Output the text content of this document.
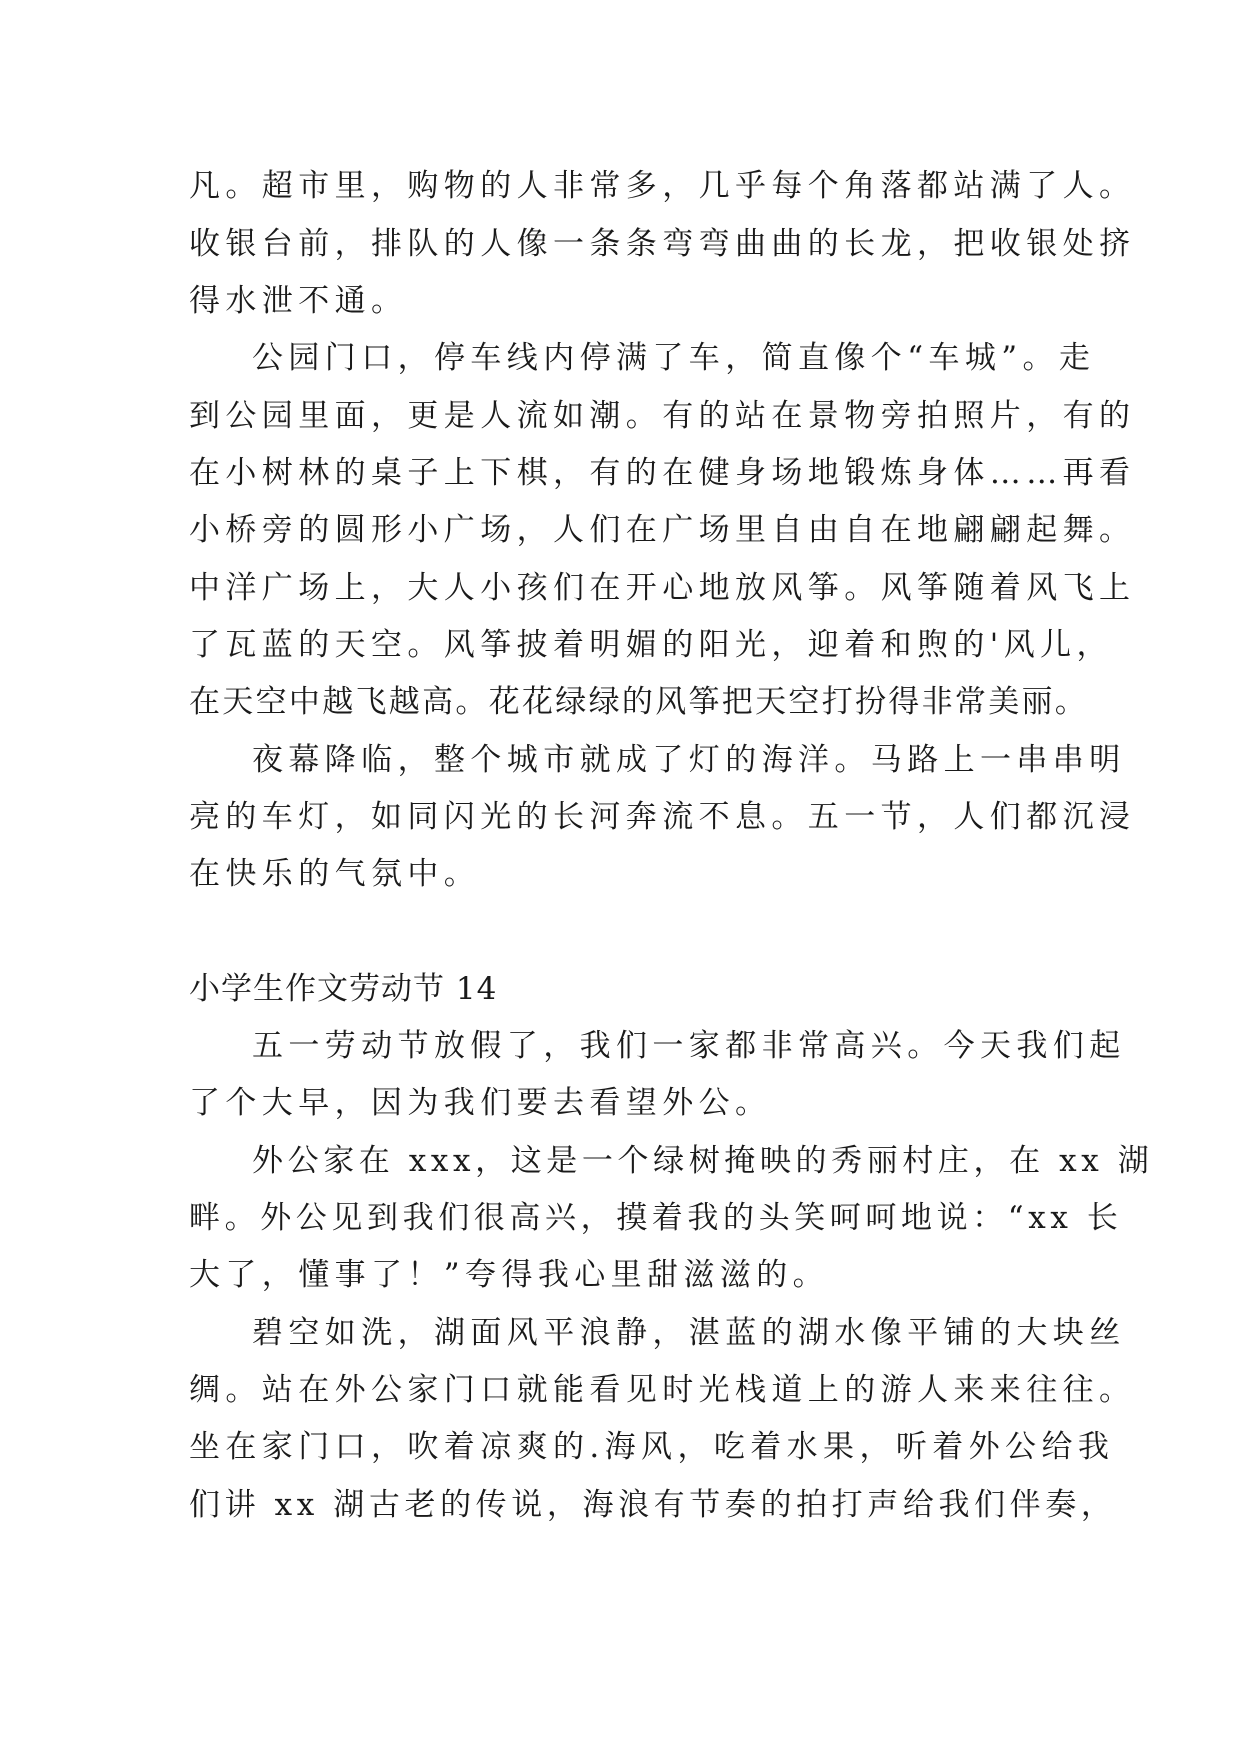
凡。超市里，购物的人非常多，几乎每个角落都站满了人。
收银台前，排队的人像一条条弯弯曲曲的长龙，把收银处挤
得水泄不通。
公园门口，停车线内停满了车，简直像个“车城”。走
到公园里面，更是人流如潮。有的站在景物旁拍照片，有的
在小树林的桌子上下棋，有的在健身场地锻炼身体……再看
小桥旁的圆形小广场，人们在广场里自由自在地翩翩起舞。
中洋广场上，大人小孩们在开心地放风筝。风筝随着风飞上
了瓦蓝的天空。风筝披着明媚的阳光，迎着和煦的'风儿，
在天空中越飞越高。花花绿绿的风筝把天空打扮得非常美丽。
夜幕降临，整个城市就成了灯的海洋。马路上一串串明
亮的车灯，如同闪光的长河奔流不息。五一节，人们都沉浸
在快乐的气氛中。
小学生作文劳动节 14
五一劳动节放假了，我们一家都非常高兴。今天我们起
了个大早，因为我们要去看望外公。
外公家在 xxx，这是一个绿树掩映的秀丽村庄，在 xx 湖
畔。外公见到我们很高兴，摸着我的头笑呵呵地说：“xx 长
大了，懂事了！”夸得我心里甜滋滋的。
碧空如洗，湖面风平浪静，湛蓝的湖水像平铺的大块丝
绸。站在外公家门口就能看见时光栈道上的游人来来往往。
坐在家门口，吹着凉爽的.海风，吃着水果，听着外公给我
们讲 xx 湖古老的传说，海浪有节奏的拍打声给我们伴奏，
